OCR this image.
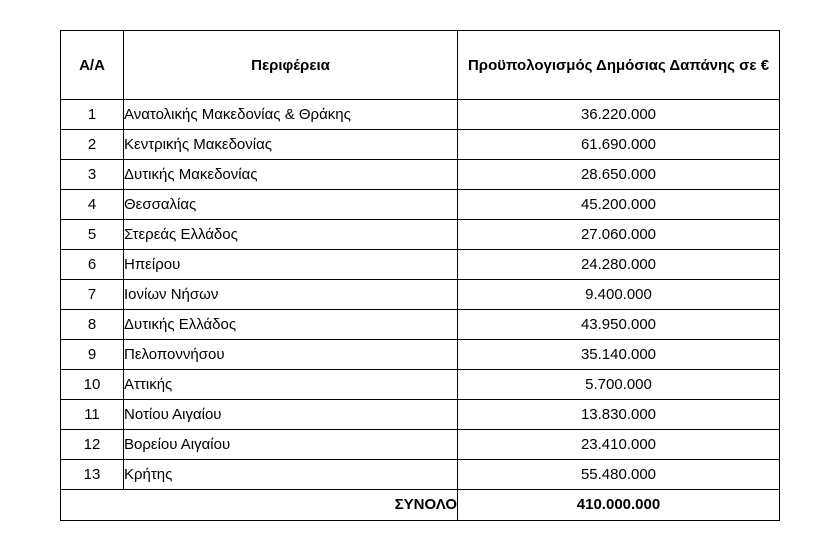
Α/Α	Περιφέρεια	Προϋπολογισμός Δημόσιας Δαπάνης σε €
1	Ανατολικής Μακεδονίας & Θράκης	36.220.000
2	Κεντρικής Μακεδονίας	61.690.000
3	Δυτικής Μακεδονίας	28.650.000
4	Θεσσαλίας	45.200.000
5	Στερεάς Ελλάδος	27.060.000
6	Ηπείρου	24.280.000
7	Ιονίων Νήσων	9.400.000
8	Δυτικής Ελλάδος	43.950.000
9	Πελοποννήσου	35.140.000
10	Αττικής	5.700.000
11	Νοτίου Αιγαίου	13.830.000
12	Βορείου Αιγαίου	23.410.000
13	Κρήτης	55.480.000
ΣΥΝΟΛΟ		410.000.000
